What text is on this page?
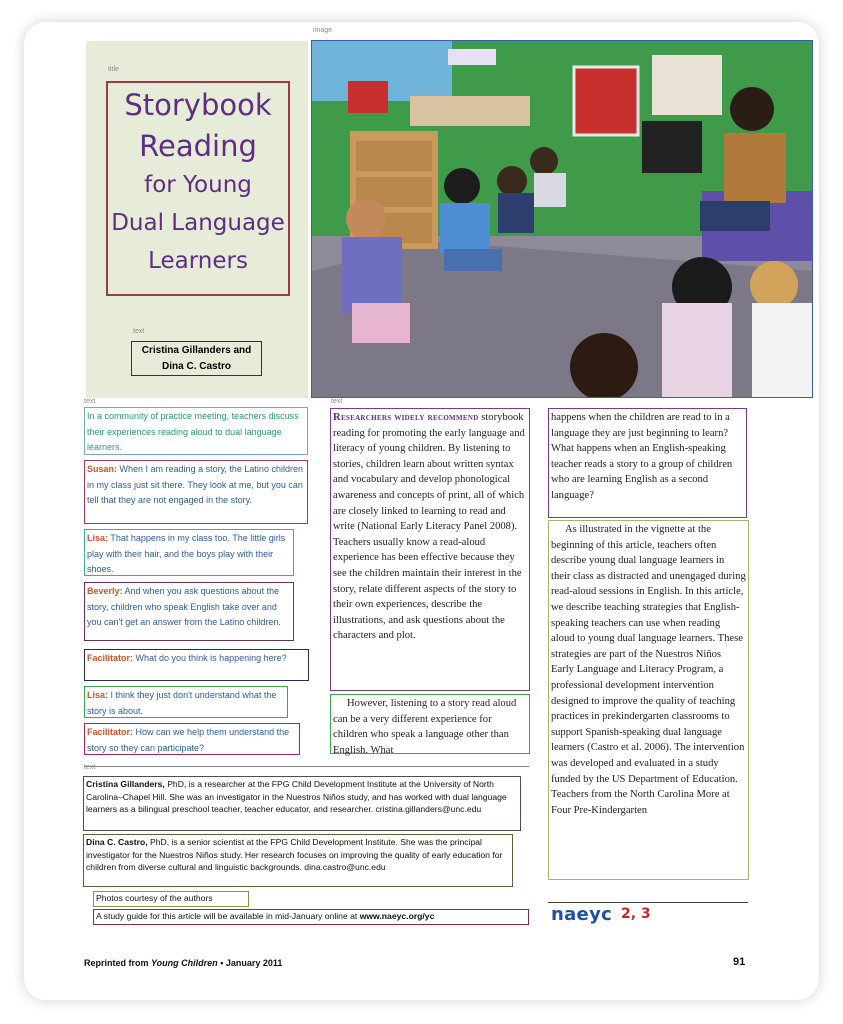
title
Storybook
Reading
for Young
Dual Language
Learners
text
Cristina Gillanders and
Dina C. Castro
image
text
In a community of practice meeting, teachers discuss their experiences reading aloud to dual language learners.
Susan: When I am reading a story, the Latino children in my class just sit there. They look at me, but you can tell that they are not engaged in the story.
Lisa: That happens in my class too. The little girls play with their hair, and the boys play with their shoes.
Beverly: And when you ask questions about the story, children who speak English take over and you can't get an answer from the Latino children.
Facilitator: What do you think is happening here?
Lisa: I think they just don't understand what the story is about.
Facilitator: How can we help them understand the story so they can participate?
text
Researchers widely recommend storybook reading for promoting the early language and literacy of young children. By listening to stories, children learn about written syntax and vocabulary and develop phonological awareness and concepts of print, all of which are closely linked to learning to read and write (National Early Literacy Panel 2008). Teachers usually know a read-aloud experience has been effective because they see the children maintain their interest in the story, relate different aspects of the story to their own experiences, describe the illustrations, and ask questions about the characters and plot.
However, listening to a story read aloud can be a very different experience for children who speak a language other than English. What
happens when the children are read to in a language they are just beginning to learn? What happens when an English-speaking teacher reads a story to a group of children who are learning English as a second language?
As illustrated in the vignette at the beginning of this article, teachers often describe young dual language learners in their class as distracted and unengaged during read-aloud sessions in English. In this article, we describe teaching strategies that English-speaking teachers can use when reading aloud to young dual language learners. These strategies are part of the Nuestros Niños Early Language and Literacy Program, a professional development intervention designed to improve the quality of teaching practices in prekindergarten classrooms to support Spanish-speaking dual language learners (Castro et al. 2006). The intervention was developed and evaluated in a study funded by the US Department of Education. Teachers from the North Carolina More at Four Pre-Kindergarten
text
Cristina Gillanders, PhD, is a researcher at the FPG Child Development Institute at the University of North Carolina–Chapel Hill. She was an investigator in the Nuestros Niños study, and has worked with dual language learners as a bilingual preschool teacher, teacher educator, and researcher. cristina.gillanders@unc.edu
Dina C. Castro, PhD, is a senior scientist at the FPG Child Development Institute. She was the principal investigator for the Nuestros Niños study. Her research focuses on improving the quality of early education for children from diverse cultural and linguistic backgrounds. dina.castro@unc.edu
Photos courtesy of the authors
A study guide for this article will be available in mid-January online at www.naeyc.org/yc	naeyc 2, 3
Reprinted from Young Children • January 2011	91
